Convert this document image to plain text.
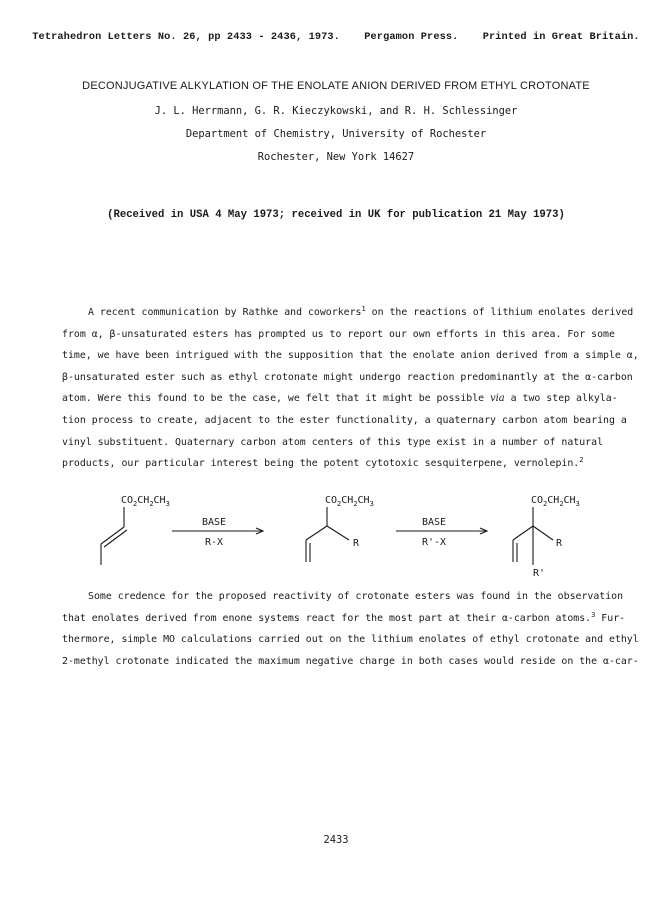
Tetrahedron Letters No. 26, pp 2433 - 2436, 1973. Pergamon Press. Printed in Great Britain.
DECONJUGATIVE ALKYLATION OF THE ENOLATE ANION DERIVED FROM ETHYL CROTONATE
J. L. Herrmann, G. R. Kieczykowski, and R. H. Schlessinger
Department of Chemistry, University of Rochester
Rochester, New York 14627
(Received in USA 4 May 1973; received in UK for publication 21 May 1973)
A recent communication by Rathke and coworkers$^1$ on the reactions of lithium enolates derived
from α, β-unsaturated esters has prompted us to report our own efforts in this area. For some
time, we have been intrigued with the supposition that the enolate anion derived from a simple α,
β-unsaturated ester such as ethyl crotonate might undergo reaction predominantly at the α-carbon
atom. Were this found to be the case, we felt that it might be possible via a two step alkyla-
tion process to create, adjacent to the ester functionality, a quaternary carbon atom bearing a
vinyl substituent. Quaternary carbon atom centers of this type exist in a number of natural
products, our particular interest being the potent cytotoxic sesquiterpene, vernolepin.$^2$
$CO_2CH_2CH_3$	$CO_2CH_2CH_3$	$CO_2CH_2CH_3$
BASE
R-X
BASE
R'-X
R	R
R'
Some credence for the proposed reactivity of crotonate esters was found in the observation
that enolates derived from enone systems react for the most part at their α-carbon atoms.$^3$ Fur-
thermore, simple MO calculations carried out on the lithium enolates of ethyl crotonate and ethyl
2-methyl crotonate indicated the maximum negative charge in both cases would reside on the α-car-
2433
